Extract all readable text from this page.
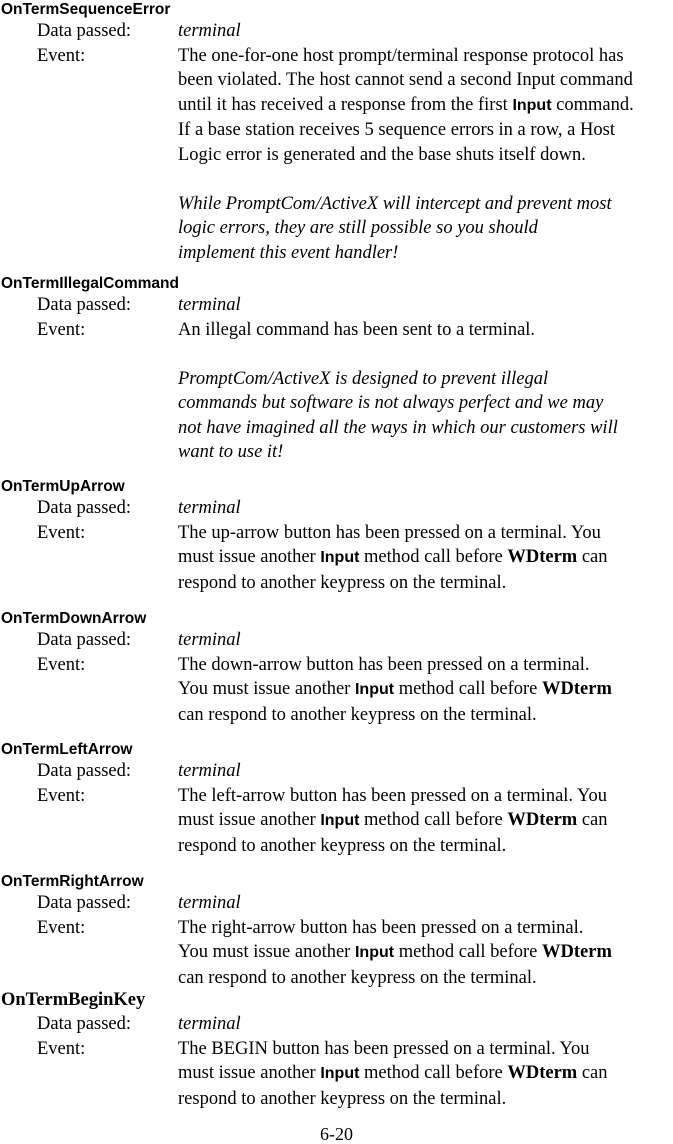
OnTermSequenceError
Data passed:	terminal
Event:	The one-for-one host prompt/terminal response protocol has
been violated. The host cannot send a second Input command
until it has received a response from the first Input command.
If a base station receives 5 sequence errors in a row, a Host
Logic error is generated and the base shuts itself down.
While PromptCom/ActiveX will intercept and prevent most
logic errors, they are still possible so you should
implement this event handler!
OnTermIllegalCommand
Data passed:	terminal
Event:	An illegal command has been sent to a terminal.
PromptCom/ActiveX is designed to prevent illegal
commands but software is not always perfect and we may
not have imagined all the ways in which our customers will
want to use it!
OnTermUpArrow
Data passed:	terminal
Event:	The up-arrow button has been pressed on a terminal. You
must issue another Input method call before WDterm can
respond to another keypress on the terminal.
OnTermDownArrow
Data passed:	terminal
Event:	The down-arrow button has been pressed on a terminal.
You must issue another Input method call before WDterm
can respond to another keypress on the terminal.
OnTermLeftArrow
Data passed:	terminal
Event:	The left-arrow button has been pressed on a terminal. You
must issue another Input method call before WDterm can
respond to another keypress on the terminal.
OnTermRightArrow
Data passed:	terminal
Event:	The right-arrow button has been pressed on a terminal.
You must issue another Input method call before WDterm
can respond to another keypress on the terminal.
OnTermBeginKey
Data passed:	terminal
Event:	The BEGIN button has been pressed on a terminal. You
must issue another Input method call before WDterm can
respond to another keypress on the terminal.
6-20
